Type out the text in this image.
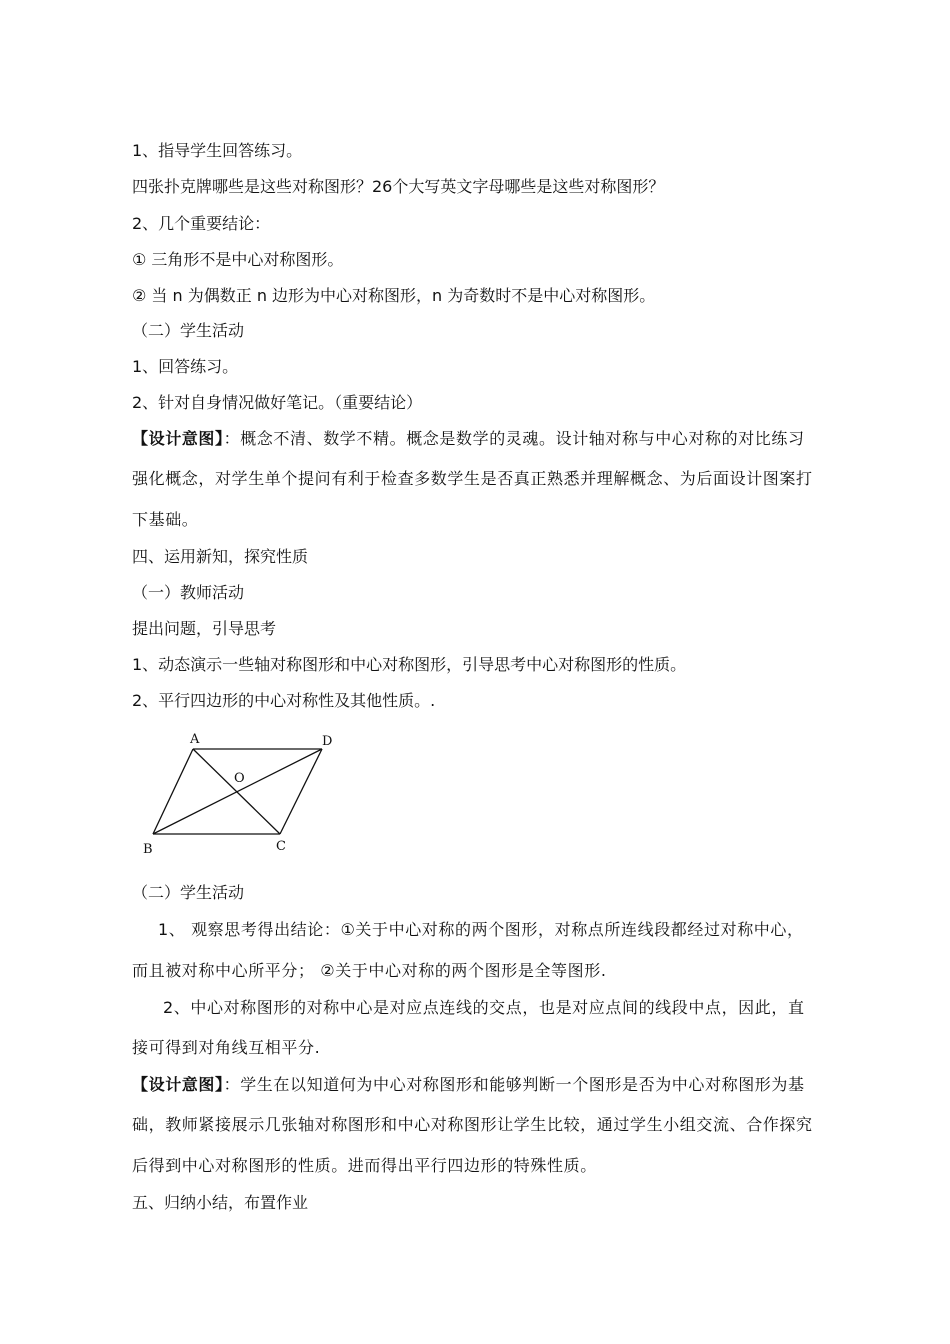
1、指导学生回答练习。
四张扑克牌哪些是这些对称图形？26个大写英文字母哪些是这些对称图形？
2、几个重要结论：
① 三角形不是中心对称图形。
② 当 n 为偶数正 n 边形为中心对称图形，n 为奇数时不是中心对称图形。
（二）学生活动
1、回答练习。
2、针对自身情况做好笔记。（重要结论）
【设计意图】：概念不清、数学不精。概念是数学的灵魂。设计轴对称与中心对称的对比练习
强化概念，对学生单个提问有利于检查多数学生是否真正熟悉并理解概念、为后面设计图案打
下基础。
四、运用新知，探究性质
（一）教师活动
提出问题，引导思考
1、动态演示一些轴对称图形和中心对称图形，引导思考中心对称图形的性质。
2、平行四边形的中心对称性及其他性质。.
A	D
O
B	C
（二）学生活动
1、 观察思考得出结论：①关于中心对称的两个图形，对称点所连线段都经过对称中心，
而且被对称中心所平分； ②关于中心对称的两个图形是全等图形.
2、中心对称图形的对称中心是对应点连线的交点，也是对应点间的线段中点，因此，直
接可得到对角线互相平分.
【设计意图】：学生在以知道何为中心对称图形和能够判断一个图形是否为中心对称图形为基
础，教师紧接展示几张轴对称图形和中心对称图形让学生比较，通过学生小组交流、合作探究
后得到中心对称图形的性质。进而得出平行四边形的特殊性质。
五、归纳小结，布置作业
